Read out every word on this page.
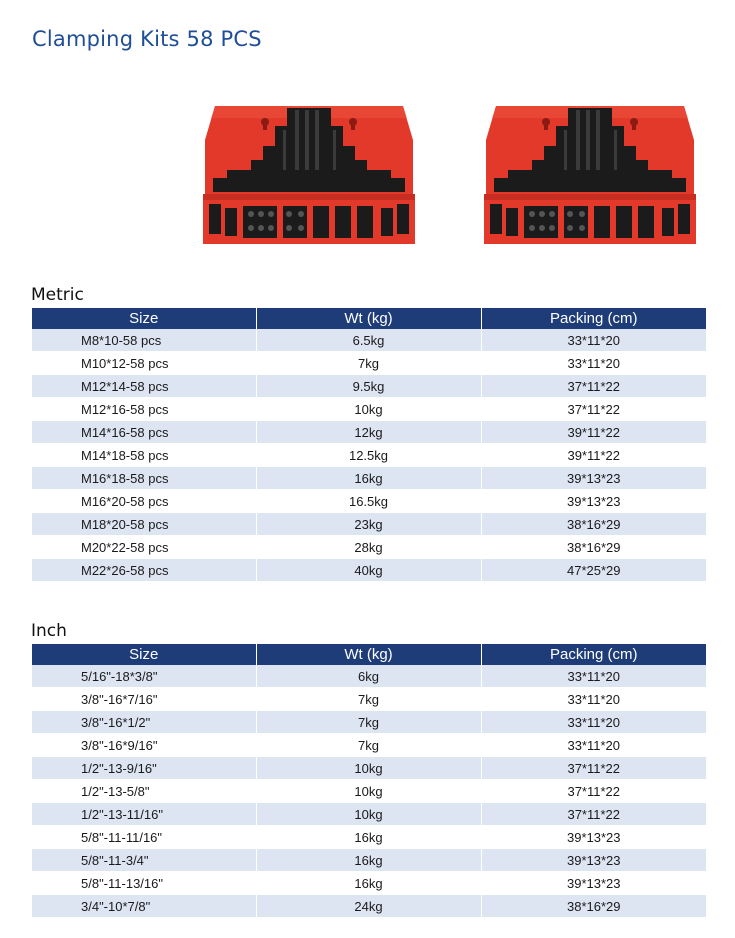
Clamping Kits 58 PCS
Metric
Size	Wt (kg)	Packing (cm)
M8*10-58 pcs	6.5kg	33*11*20
M10*12-58 pcs	7kg	33*11*20
M12*14-58 pcs	9.5kg	37*11*22
M12*16-58 pcs	10kg	37*11*22
M14*16-58 pcs	12kg	39*11*22
M14*18-58 pcs	12.5kg	39*11*22
M16*18-58 pcs	16kg	39*13*23
M16*20-58 pcs	16.5kg	39*13*23
M18*20-58 pcs	23kg	38*16*29
M20*22-58 pcs	28kg	38*16*29
M22*26-58 pcs	40kg	47*25*29
Inch
Size	Wt (kg)	Packing (cm)
5/16"-18*3/8"	6kg	33*11*20
3/8"-16*7/16"	7kg	33*11*20
3/8"-16*1/2"	7kg	33*11*20
3/8"-16*9/16"	7kg	33*11*20
1/2"-13-9/16"	10kg	37*11*22
1/2"-13-5/8"	10kg	37*11*22
1/2"-13-11/16"	10kg	37*11*22
5/8"-11-11/16"	16kg	39*13*23
5/8"-11-3/4"	16kg	39*13*23
5/8"-11-13/16"	16kg	39*13*23
3/4"-10*7/8"	24kg	38*16*29
